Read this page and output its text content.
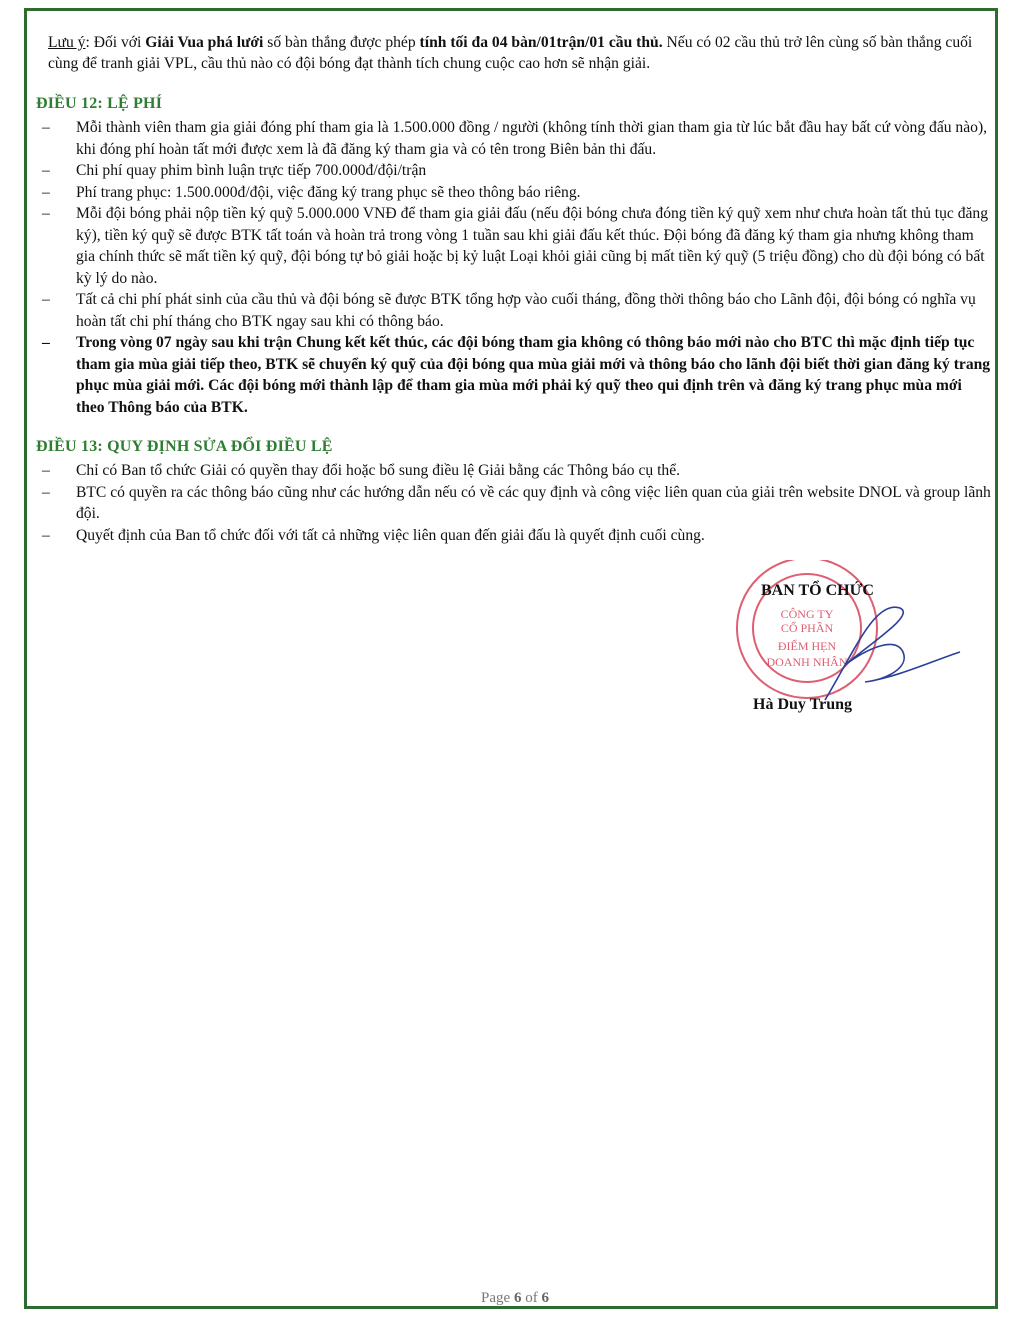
Lưu ý: Đối với Giải Vua phá lưới số bàn thắng được phép tính tối đa 04 bàn/01trận/01 cầu thủ. Nếu có 02 cầu thủ trở lên cùng số bàn thắng cuối cùng để tranh giải VPL, cầu thủ nào có đội bóng đạt thành tích chung cuộc cao hơn sẽ nhận giải.
ĐIỀU 12: LỆ PHÍ
– Mỗi thành viên tham gia giải đóng phí tham gia là 1.500.000 đồng / người (không tính thời gian tham gia từ lúc bắt đầu hay bất cứ vòng đấu nào), khi đóng phí hoàn tất mới được xem là đã đăng ký tham gia và có tên trong Biên bản thi đấu.
– Chi phí quay phim bình luận trực tiếp 700.000đ/đội/trận
– Phí trang phục: 1.500.000đ/đội, việc đăng ký trang phục sẽ theo thông báo riêng.
– Mỗi đội bóng phải nộp tiền ký quỹ 5.000.000 VNĐ để tham gia giải đấu (nếu đội bóng chưa đóng tiền ký quỹ xem như chưa hoàn tất thủ tục đăng ký), tiền ký quỹ sẽ được BTK tất toán và hoàn trả trong vòng 1 tuần sau khi giải đấu kết thúc. Đội bóng đã đăng ký tham gia nhưng không tham gia chính thức sẽ mất tiền ký quỹ, đội bóng tự bỏ giải hoặc bị kỷ luật Loại khỏi giải cũng bị mất tiền ký quỹ (5 triệu đồng) cho dù đội bóng có bất kỳ lý do nào.
– Tất cả chi phí phát sinh của cầu thủ và đội bóng sẽ được BTK tổng hợp vào cuối tháng, đồng thời thông báo cho Lãnh đội, đội bóng có nghĩa vụ hoàn tất chi phí tháng cho BTK ngay sau khi có thông báo.
– Trong vòng 07 ngày sau khi trận Chung kết kết thúc, các đội bóng tham gia không có thông báo mới nào cho BTC thì mặc định tiếp tục tham gia mùa giải tiếp theo, BTK sẽ chuyển ký quỹ của đội bóng qua mùa giải mới và thông báo cho lãnh đội biết thời gian đăng ký trang phục mùa giải mới. Các đội bóng mới thành lập để tham gia mùa mới phải ký quỹ theo qui định trên và đăng ký trang phục mùa mới theo Thông báo của BTK.
ĐIỀU 13: QUY ĐỊNH SỬA ĐỔI ĐIỀU LỆ
– Chỉ có Ban tổ chức Giải có quyền thay đổi hoặc bổ sung điều lệ Giải bằng các Thông báo cụ thể.
– BTC có quyền ra các thông báo cũng như các hướng dẫn nếu có về các quy định và công việc liên quan của giải trên website DNOL và group lãnh đội.
– Quyết định của Ban tổ chức đối với tất cả những việc liên quan đến giải đấu là quyết định cuối cùng.
CÔNG TY
CỔ PHẦN
ĐIỂM HẸN
DOANH NHÂN
BAN TỔ CHỨC
Hà Duy Trung
Page 6 of 6
